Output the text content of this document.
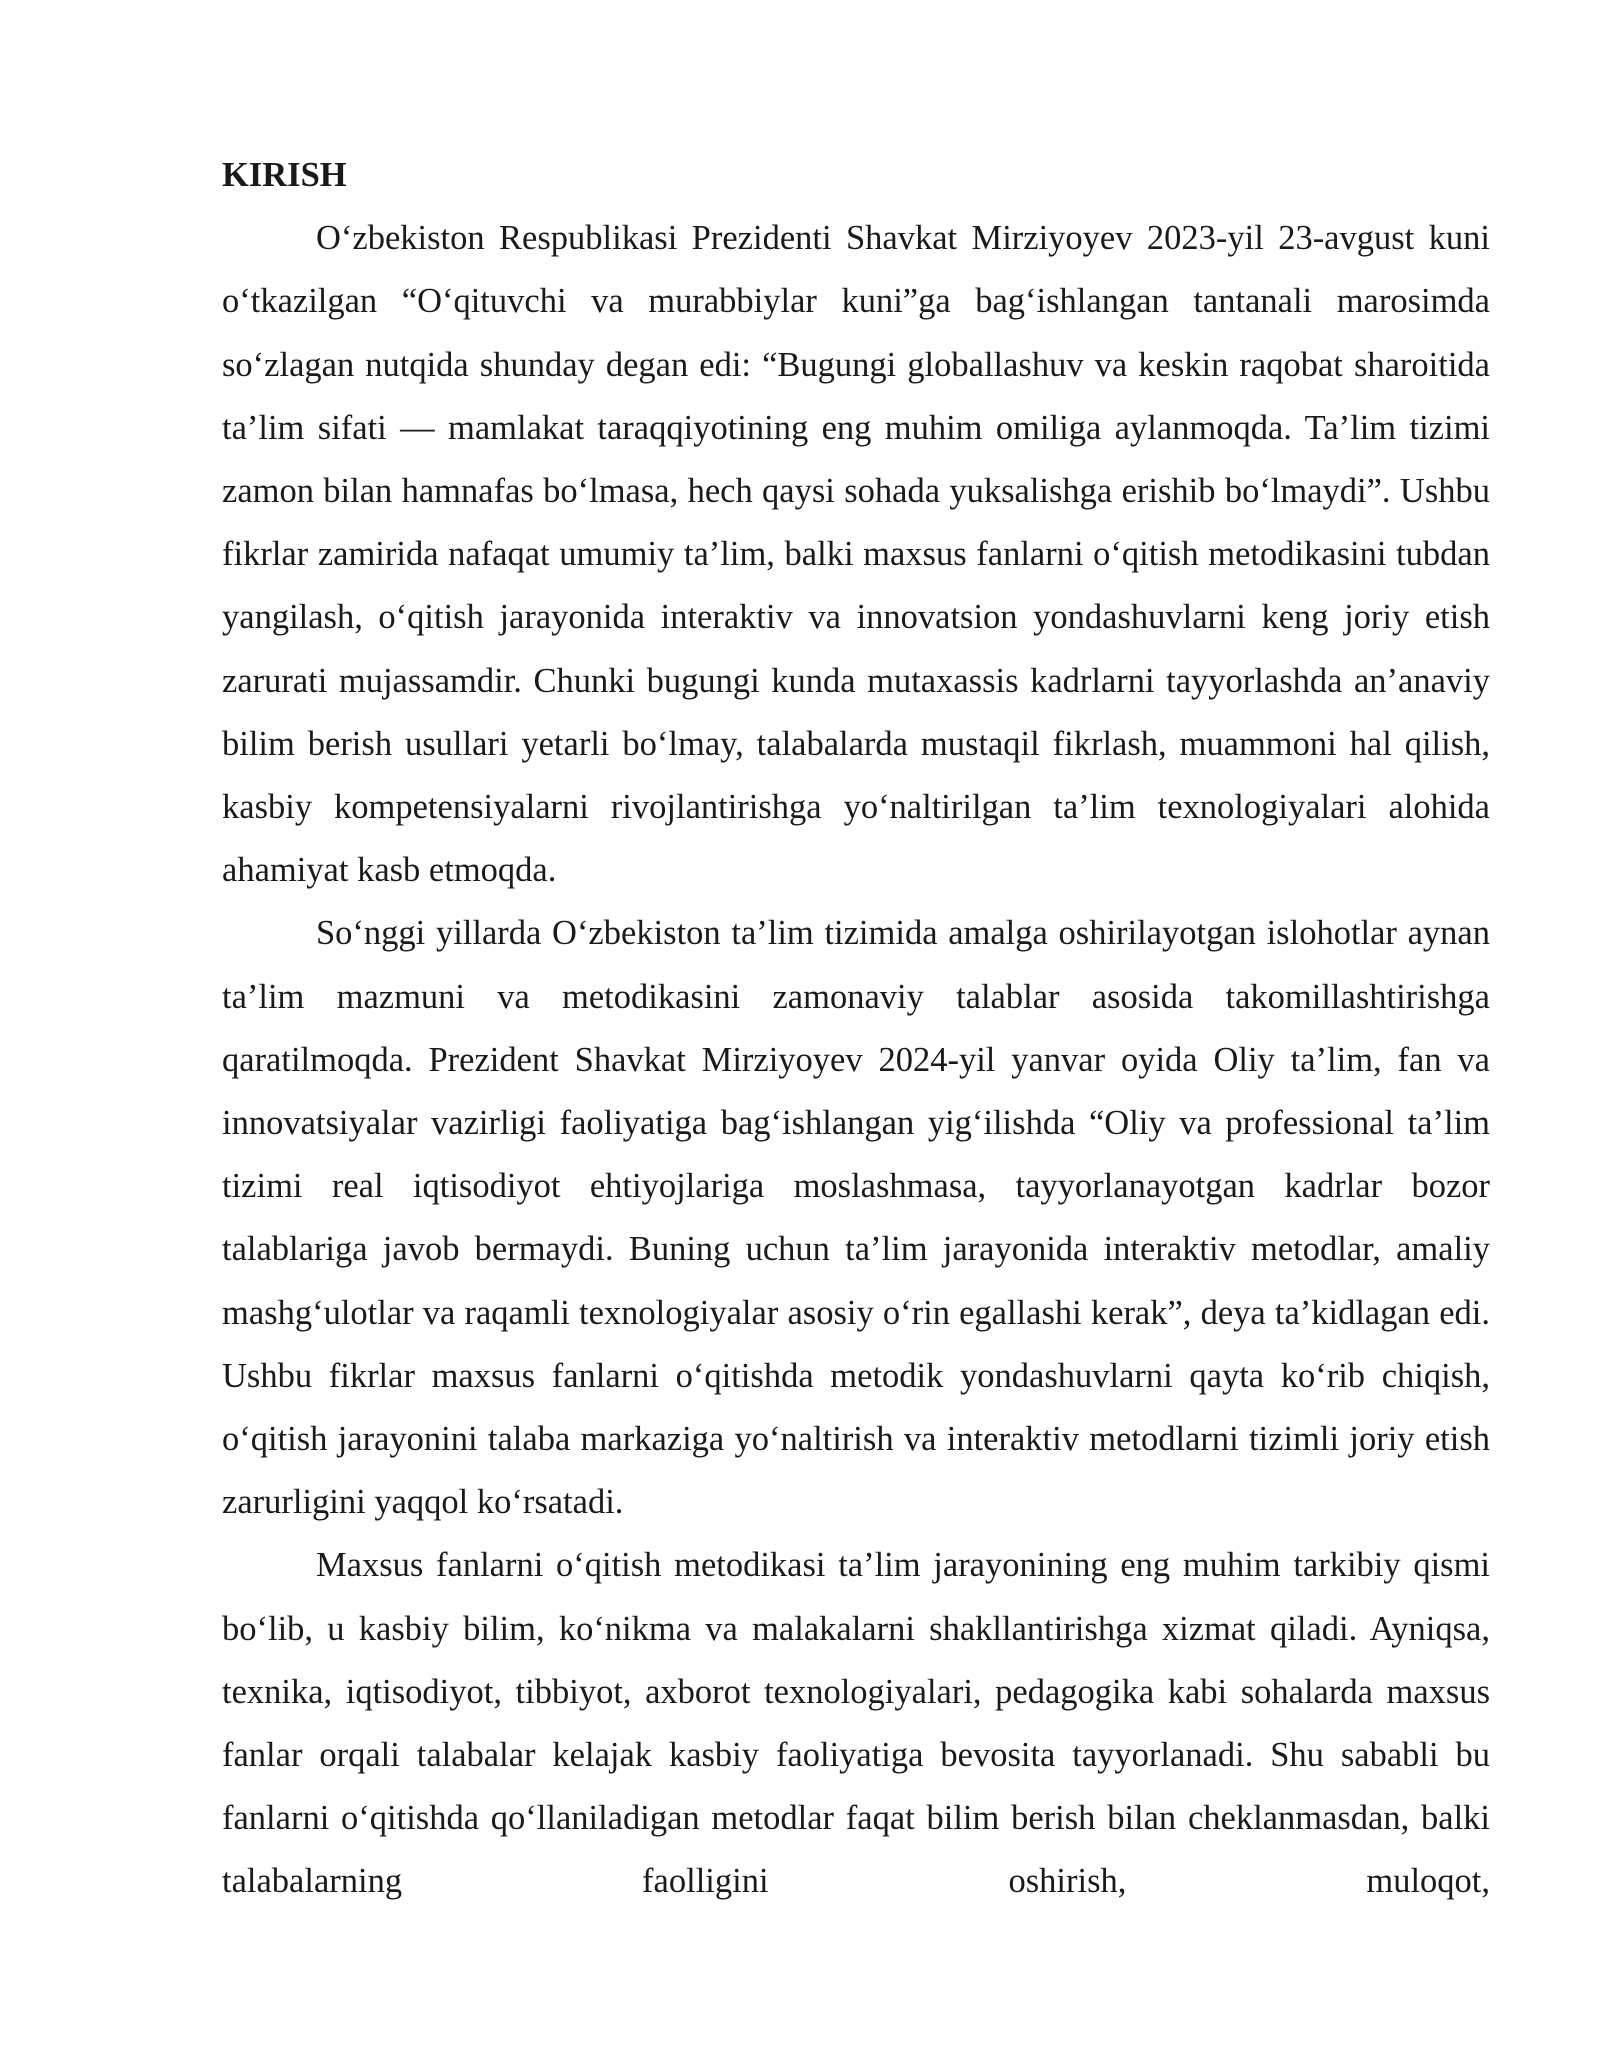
KIRISH

O‘zbekiston Respublikasi Prezidenti Shavkat Mirziyoyev 2023-yil 23-avgust kuni o‘tkazilgan “O‘qituvchi va murabbiylar kuni”ga bag‘ishlangan tantanali marosimda so‘zlagan nutqida shunday degan edi: “Bugungi globallashuv va keskin raqobat sharoitida ta’lim sifati — mamlakat taraqqiyotining eng muhim omiliga aylanmoqda. Ta’lim tizimi zamon bilan hamnafas bo‘lmasa, hech qaysi sohada yuksalishga erishib bo‘lmaydi”. Ushbu fikrlar zamirida nafaqat umumiy ta’lim, balki maxsus fanlarni o‘qitish metodikasini tubdan yangilash, o‘qitish jarayonida interaktiv va innovatsion yondashuvlarni keng joriy etish zarurati mujassamdir. Chunki bugungi kunda mutaxassis kadrlarni tayyorlashda an’anaviy bilim berish usullari yetarli bo‘lmay, talabalarda mustaqil fikrlash, muammoni hal qilish, kasbiy kompetensiyalarni rivojlantirishga yo‘naltirilgan ta’lim texnologiyalari alohida ahamiyat kasb etmoqda.

So‘nggi yillarda O‘zbekiston ta’lim tizimida amalga oshirilayotgan islohotlar aynan ta’lim mazmuni va metodikasini zamonaviy talablar asosida takomillashtirishga qaratilmoqda. Prezident Shavkat Mirziyoyev 2024-yil yanvar oyida Oliy ta’lim, fan va innovatsiyalar vazirligi faoliyatiga bag‘ishlangan yig‘ilishda “Oliy va professional ta’lim tizimi real iqtisodiyot ehtiyojlariga moslashmasa, tayyorlanayotgan kadrlar bozor talablariga javob bermaydi. Buning uchun ta’lim jarayonida interaktiv metodlar, amaliy mashg‘ulotlar va raqamli texnologiyalar asosiy o‘rin egallashi kerak”, deya ta’kidlagan edi. Ushbu fikrlar maxsus fanlarni o‘qitishda metodik yondashuvlarni qayta ko‘rib chiqish, o‘qitish jarayonini talaba markaziga yo‘naltirish va interaktiv metodlarni tizimli joriy etish zarurligini yaqqol ko‘rsatadi.

Maxsus fanlarni o‘qitish metodikasi ta’lim jarayonining eng muhim tarkibiy qismi bo‘lib, u kasbiy bilim, ko‘nikma va malakalarni shakllantirishga xizmat qiladi. Ayniqsa, texnika, iqtisodiyot, tibbiyot, axborot texnologiyalari, pedagogika kabi sohalarda maxsus fanlar orqali talabalar kelajak kasbiy faoliyatiga bevosita tayyorlanadi. Shu sababli bu fanlarni o‘qitishda qo‘llaniladigan metodlar faqat bilim berish bilan cheklanmasdan, balki talabalarning faolligini oshirish, muloqot,
